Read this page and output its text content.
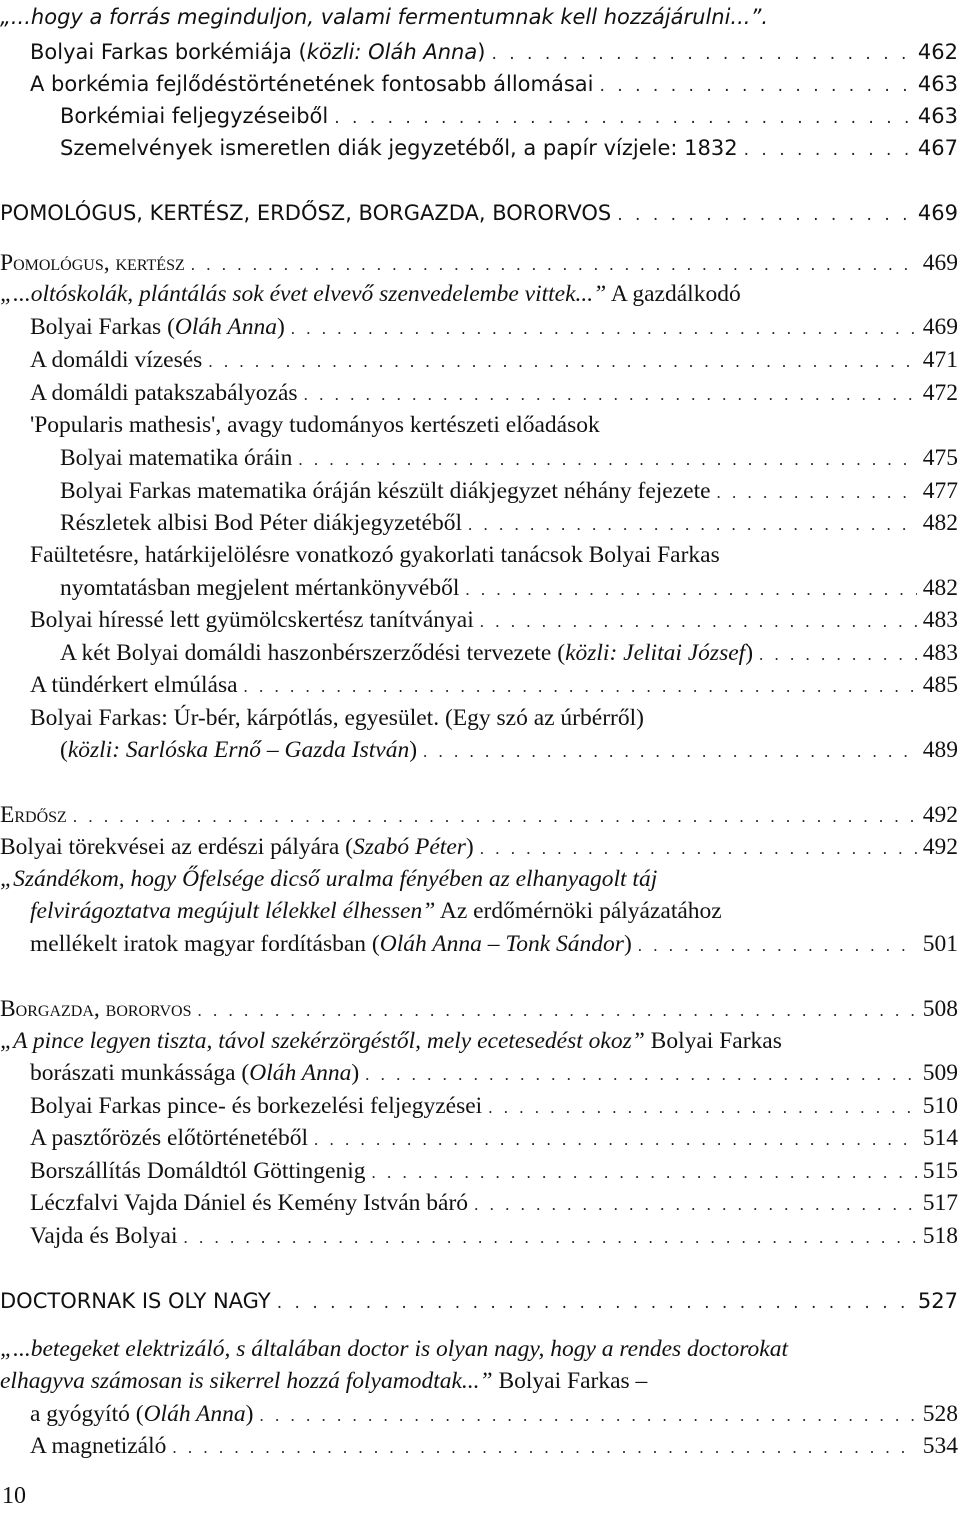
„...hogy a forrás meginduljon, valami fermentumnak kell hozzájárulni...”.
Bolyai Farkas borkémiája (közli: Oláh Anna) . . .	462
A borkémia fejlődéstörténetének fontosabb állomásai . . .	463
Borkémiai feljegyzéseiből . . .	463
Szemelvények ismeretlen diák jegyzetéből, a papír vízjele: 1832 . . .	467
POMOLÓGUS, KERTÉSZ, ERDŐSZ, BORGAZDA, BORORVOS . . .	469
Pomológus, kertész . . .	469
„...oltóskolák, plántálás sok évet elvevő szenvedelembe vittek...” A gazdálkodó
Bolyai Farkas (Oláh Anna) . . .	469
A domáldi vízesés . . .	471
A domáldi patakszabályozás . . .	472
'Popularis mathesis', avagy tudományos kertészeti előadások
Bolyai matematika óráin . . .	475
Bolyai Farkas matematika óráján készült diákjegyzet néhány fejezete . . .	477
Részletek albisi Bod Péter diákjegyzetéből . . .	482
Faültetésre, határkijelölésre vonatkozó gyakorlati tanácsok Bolyai Farkas
nyomtatásban megjelent mértankönyvéből . . .	482
Bolyai híressé lett gyümölcskertész tanítványai . . .	483
A két Bolyai domáldi haszonbérszerződési tervezete (közli: Jelitai József) . . .	483
A tündérkert elmúlása . . .	485
Bolyai Farkas: Úr-bér, kárpótlás, egyesület. (Egy szó az úrbérről)
(közli: Sarlóska Ernő – Gazda István) . . .	489
Erdősz . . .	492
Bolyai törekvései az erdészi pályára (Szabó Péter) . . .	492
„Szándékom, hogy Őfelsége dicső uralma fényében az elhanyagolt táj
felvirágoztatva megújult lélekkel élhessen” Az erdőmérnöki pályázatához
mellékelt iratok magyar fordításban (Oláh Anna – Tonk Sándor) . . .	501
Borgazda, bororvos . . .	508
„A pince legyen tiszta, távol szekérzörgéstől, mely ecetesedést okoz” Bolyai Farkas
borászati munkássága (Oláh Anna) . . .	509
Bolyai Farkas pince- és borkezelési feljegyzései . . .	510
A pasztőrözés előtörténetéből . . .	514
Borszállítás Domáldtól Göttingenig . . .	515
Léczfalvi Vajda Dániel és Kemény István báró . . .	517
Vajda és Bolyai . . .	518
DOCTORNAK IS OLY NAGY . . .	527
„...betegeket elektrizáló, s általában doctor is olyan nagy, hogy a rendes doctorokat
elhagyva számosan is sikerrel hozzá folyamodtak...” Bolyai Farkas –
a gyógyító (Oláh Anna) . . .	528
A magnetizáló . . .	534
10
